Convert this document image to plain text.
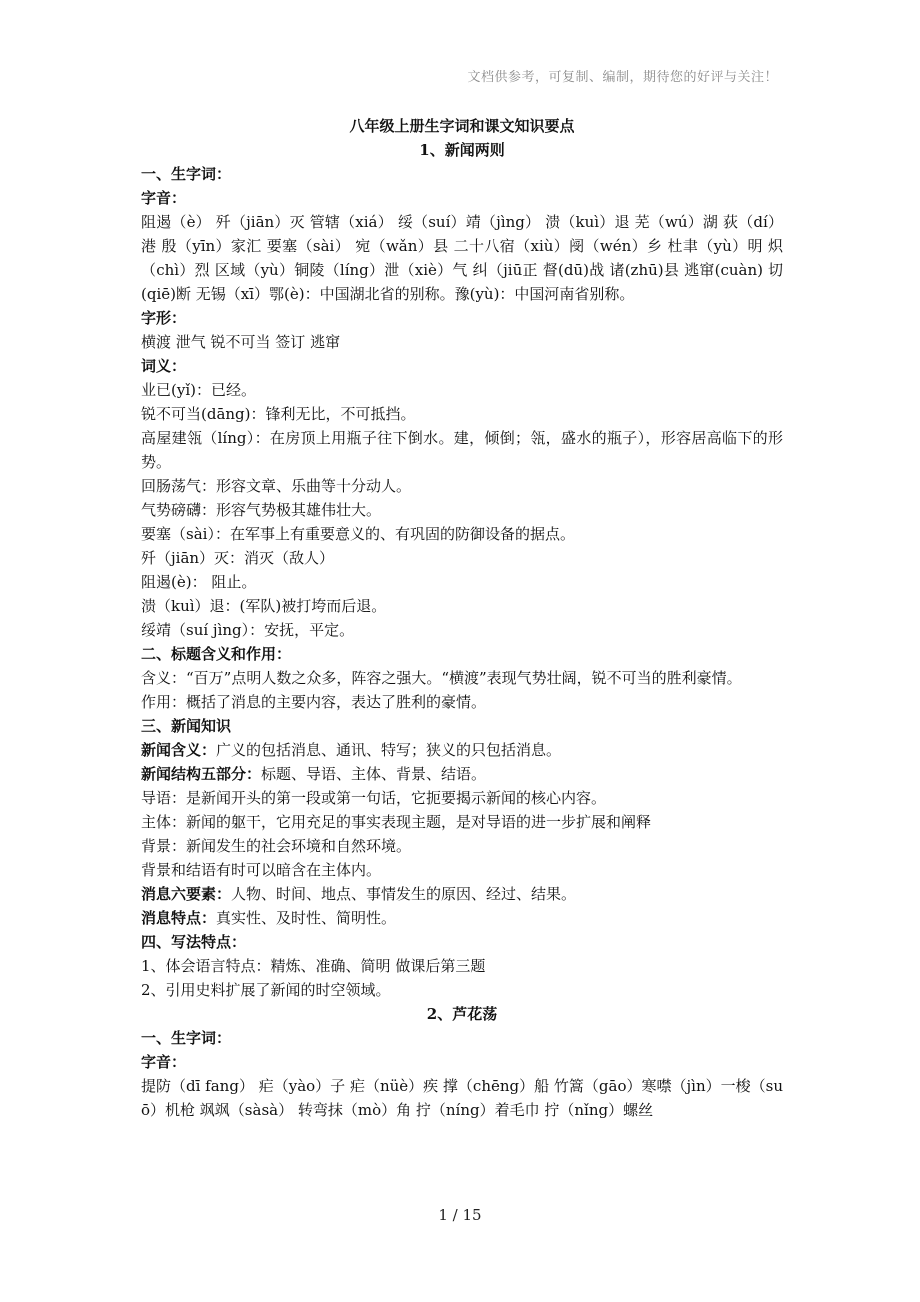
文档供参考，可复制、编制，期待您的好评与关注！

八年级上册生字词和课文知识要点

1、新闻两则

一、生字词：

字音：

阻遏（è） 歼（jiān）灭 管辖（xiá） 绥（suí）靖（jìng） 溃（kuì）退 芜（wú）湖 荻（dí）港 殷（yīn）家汇 要塞（sài） 宛（wǎn）县 二十八宿（xiù）阌（wén）乡 杜聿（yù）明 炽（chì）烈 区域（yù）铜陵（líng）泄（xiè）气 纠（jiū正 督(dū)战 诸(zhū)县 逃窜(cuàn) 切(qiē)断 无锡（xī）鄂(è)：中国湖北省的别称。豫(yù)：中国河南省别称。

字形：

横渡 泄气 锐不可当 签订 逃窜

词义：

业已(yǐ)：已经。

锐不可当(dāng)：锋利无比，不可抵挡。

高屋建瓴（líng）：在房顶上用瓶子往下倒水。建，倾倒；瓴，盛水的瓶子），形容居高临下的形势。

回肠荡气：形容文章、乐曲等十分动人。

气势磅礴：形容气势极其雄伟壮大。

要塞（sài）：在军事上有重要意义的、有巩固的防御设备的据点。

歼（jiān）灭：消灭（敌人）

阻遏(è)： 阻止。

溃（kuì）退：(军队)被打垮而后退。

绥靖（suí jìng）：安抚，平定。

二、标题含义和作用：

含义：“百万”点明人数之众多，阵容之强大。“横渡”表现气势壮阔，锐不可当的胜利豪情。

作用：概括了消息的主要内容，表达了胜利的豪情。

三、新闻知识

新闻含义：广义的包括消息、通讯、特写；狭义的只包括消息。

新闻结构五部分：标题、导语、主体、背景、结语。

导语：是新闻开头的第一段或第一句话，它扼要揭示新闻的核心内容。

主体：新闻的躯干，它用充足的事实表现主题，是对导语的进一步扩展和阐释

背景：新闻发生的社会环境和自然环境。

背景和结语有时可以暗含在主体内。

消息六要素：人物、时间、地点、事情发生的原因、经过、结果。

消息特点：真实性、及时性、简明性。

四、写法特点：

1、体会语言特点：精炼、准确、简明 做课后第三题

2、引用史料扩展了新闻的时空领域。

2、芦花荡

一、生字词：

字音：

提防（dī fang） 疟（yào）子 疟（nüè）疾 撑（chēng）船 竹篙（gāo）寒噤（jìn）一梭（suō）机枪 飒飒（sàsà） 转弯抹（mò）角 拧（níng）着毛巾 拧（nǐng）螺丝

1 / 15
